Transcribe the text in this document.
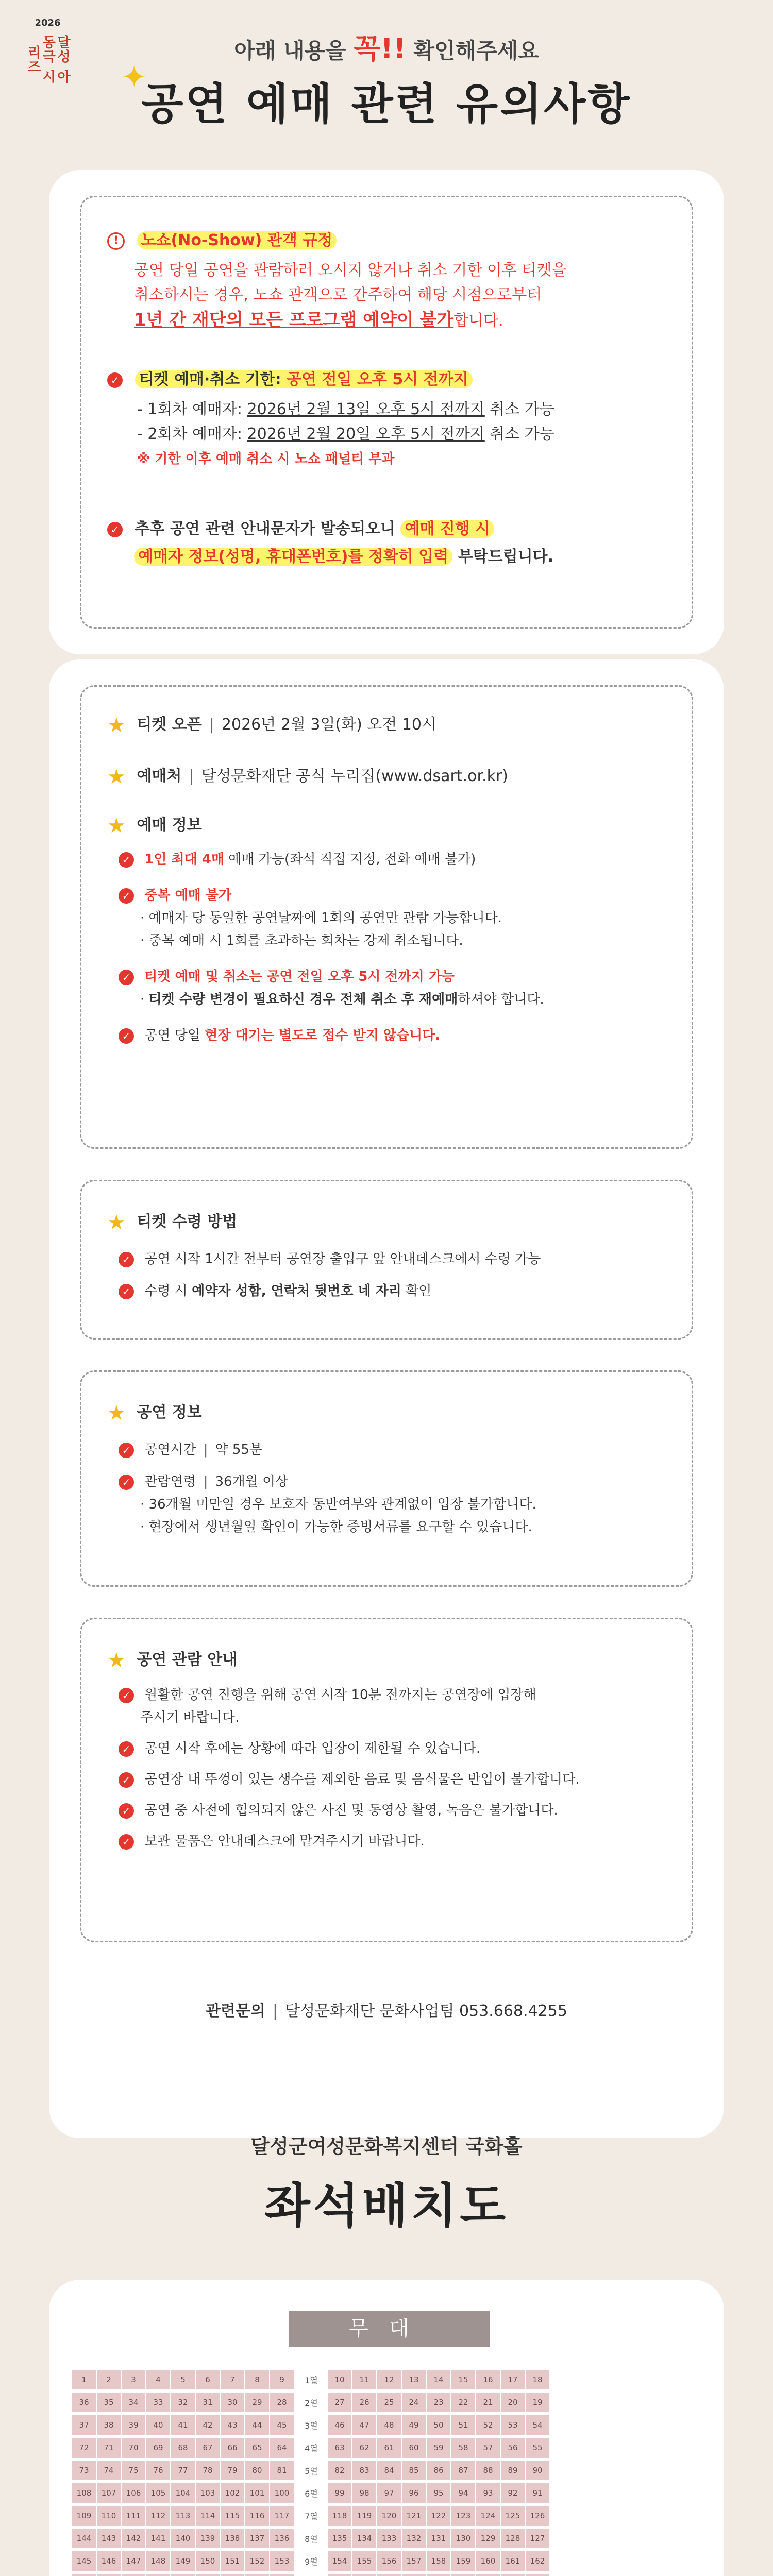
2026
달성 아동극 시리즈	아래 내용을 꼭!! 확인해주세요
✦
공연 예매 관련 유의사항
! 노쇼(No-Show) 관객 규정
공연 당일 공연을 관람하러 오시지 않거나 취소 기한 이후 티켓을
취소하시는 경우, 노쇼 관객으로 간주하여 해당 시점으로부터
1년 간 재단의 모든 프로그램 예약이 불가합니다.
✓ 티켓 예매·취소 기한: 공연 전일 오후 5시 전까지
- 1회차 예매자: 2026년 2월 13일 오후 5시 전까지 취소 가능
- 2회차 예매자: 2026년 2월 20일 오후 5시 전까지 취소 가능
※ 기한 이후 예매 취소 시 노쇼 패널티 부과
✓ 추후 공연 관련 안내문자가 발송되오니 예매 진행 시
예매자 정보(성명, 휴대폰번호)를 정확히 입력 부탁드립니다.
★ 티켓 오픈 | 2026년 2월 3일(화) 오전 10시
★ 예매처 | 달성문화재단 공식 누리집(www.dsart.or.kr)
★ 예매 정보
✓ 1인 최대 4매 예매 가능(좌석 직접 지정, 전화 예매 불가)
✓ 중복 예매 불가
· 예매자 당 동일한 공연날짜에 1회의 공연만 관람 가능합니다.
· 중복 예매 시 1회를 초과하는 회차는 강제 취소됩니다.
✓ 티켓 예매 및 취소는 공연 전일 오후 5시 전까지 가능
· 티켓 수량 변경이 필요하신 경우 전체 취소 후 재예매하셔야 합니다.
✓ 공연 당일 현장 대기는 별도로 접수 받지 않습니다.
★ 티켓 수령 방법
✓ 공연 시작 1시간 전부터 공연장 출입구 앞 안내데스크에서 수령 가능
✓ 수령 시 예약자 성함, 연락처 뒷번호 네 자리 확인
★ 공연 정보
✓ 공연시간 | 약 55분
✓ 관람연령 | 36개월 이상
· 36개월 미만일 경우 보호자 동반여부와 관계없이 입장 불가합니다.
· 현장에서 생년월일 확인이 가능한 증빙서류를 요구할 수 있습니다.
★ 공연 관람 안내
✓ 원활한 공연 진행을 위해 공연 시작 10분 전까지는 공연장에 입장해
주시기 바랍니다.
✓ 공연 시작 후에는 상황에 따라 입장이 제한될 수 있습니다.
✓ 공연장 내 뚜껑이 있는 생수를 제외한 음료 및 음식물은 반입이 불가합니다.
✓ 공연 중 사전에 협의되지 않은 사진 및 동영상 촬영, 녹음은 불가합니다.
✓ 보관 물품은 안내데스크에 맡겨주시기 바랍니다.
관련문의 | 달성문화재단 문화사업팀 053.668.4255
달성군여성문화복지센터 국화홀
좌석배치도
무대
1	2	3	4	5	6	7	8	9	1열	10	11	12	13	14	15	16	17	18
36	35	34	33	32	31	30	29	28	2열	27	26	25	24	23	22	21	20	19
37	38	39	40	41	42	43	44	45	3열	46	47	48	49	50	51	52	53	54
72	71	70	69	68	67	66	65	64	4열	63	62	61	60	59	58	57	56	55
73	74	75	76	77	78	79	80	81	5열	82	83	84	85	86	87	88	89	90
108	107	106	105	104	103	102	101	100	6열	99	98	97	96	95	94	93	92	91
109	110	111	112	113	114	115	116	117	7열	118	119	120	121	122	123	124	125	126
144	143	142	141	140	139	138	137	136	8열	135	134	133	132	131	130	129	128	127
145	146	147	148	149	150	151	152	153	9열	154	155	156	157	158	159	160	161	162
